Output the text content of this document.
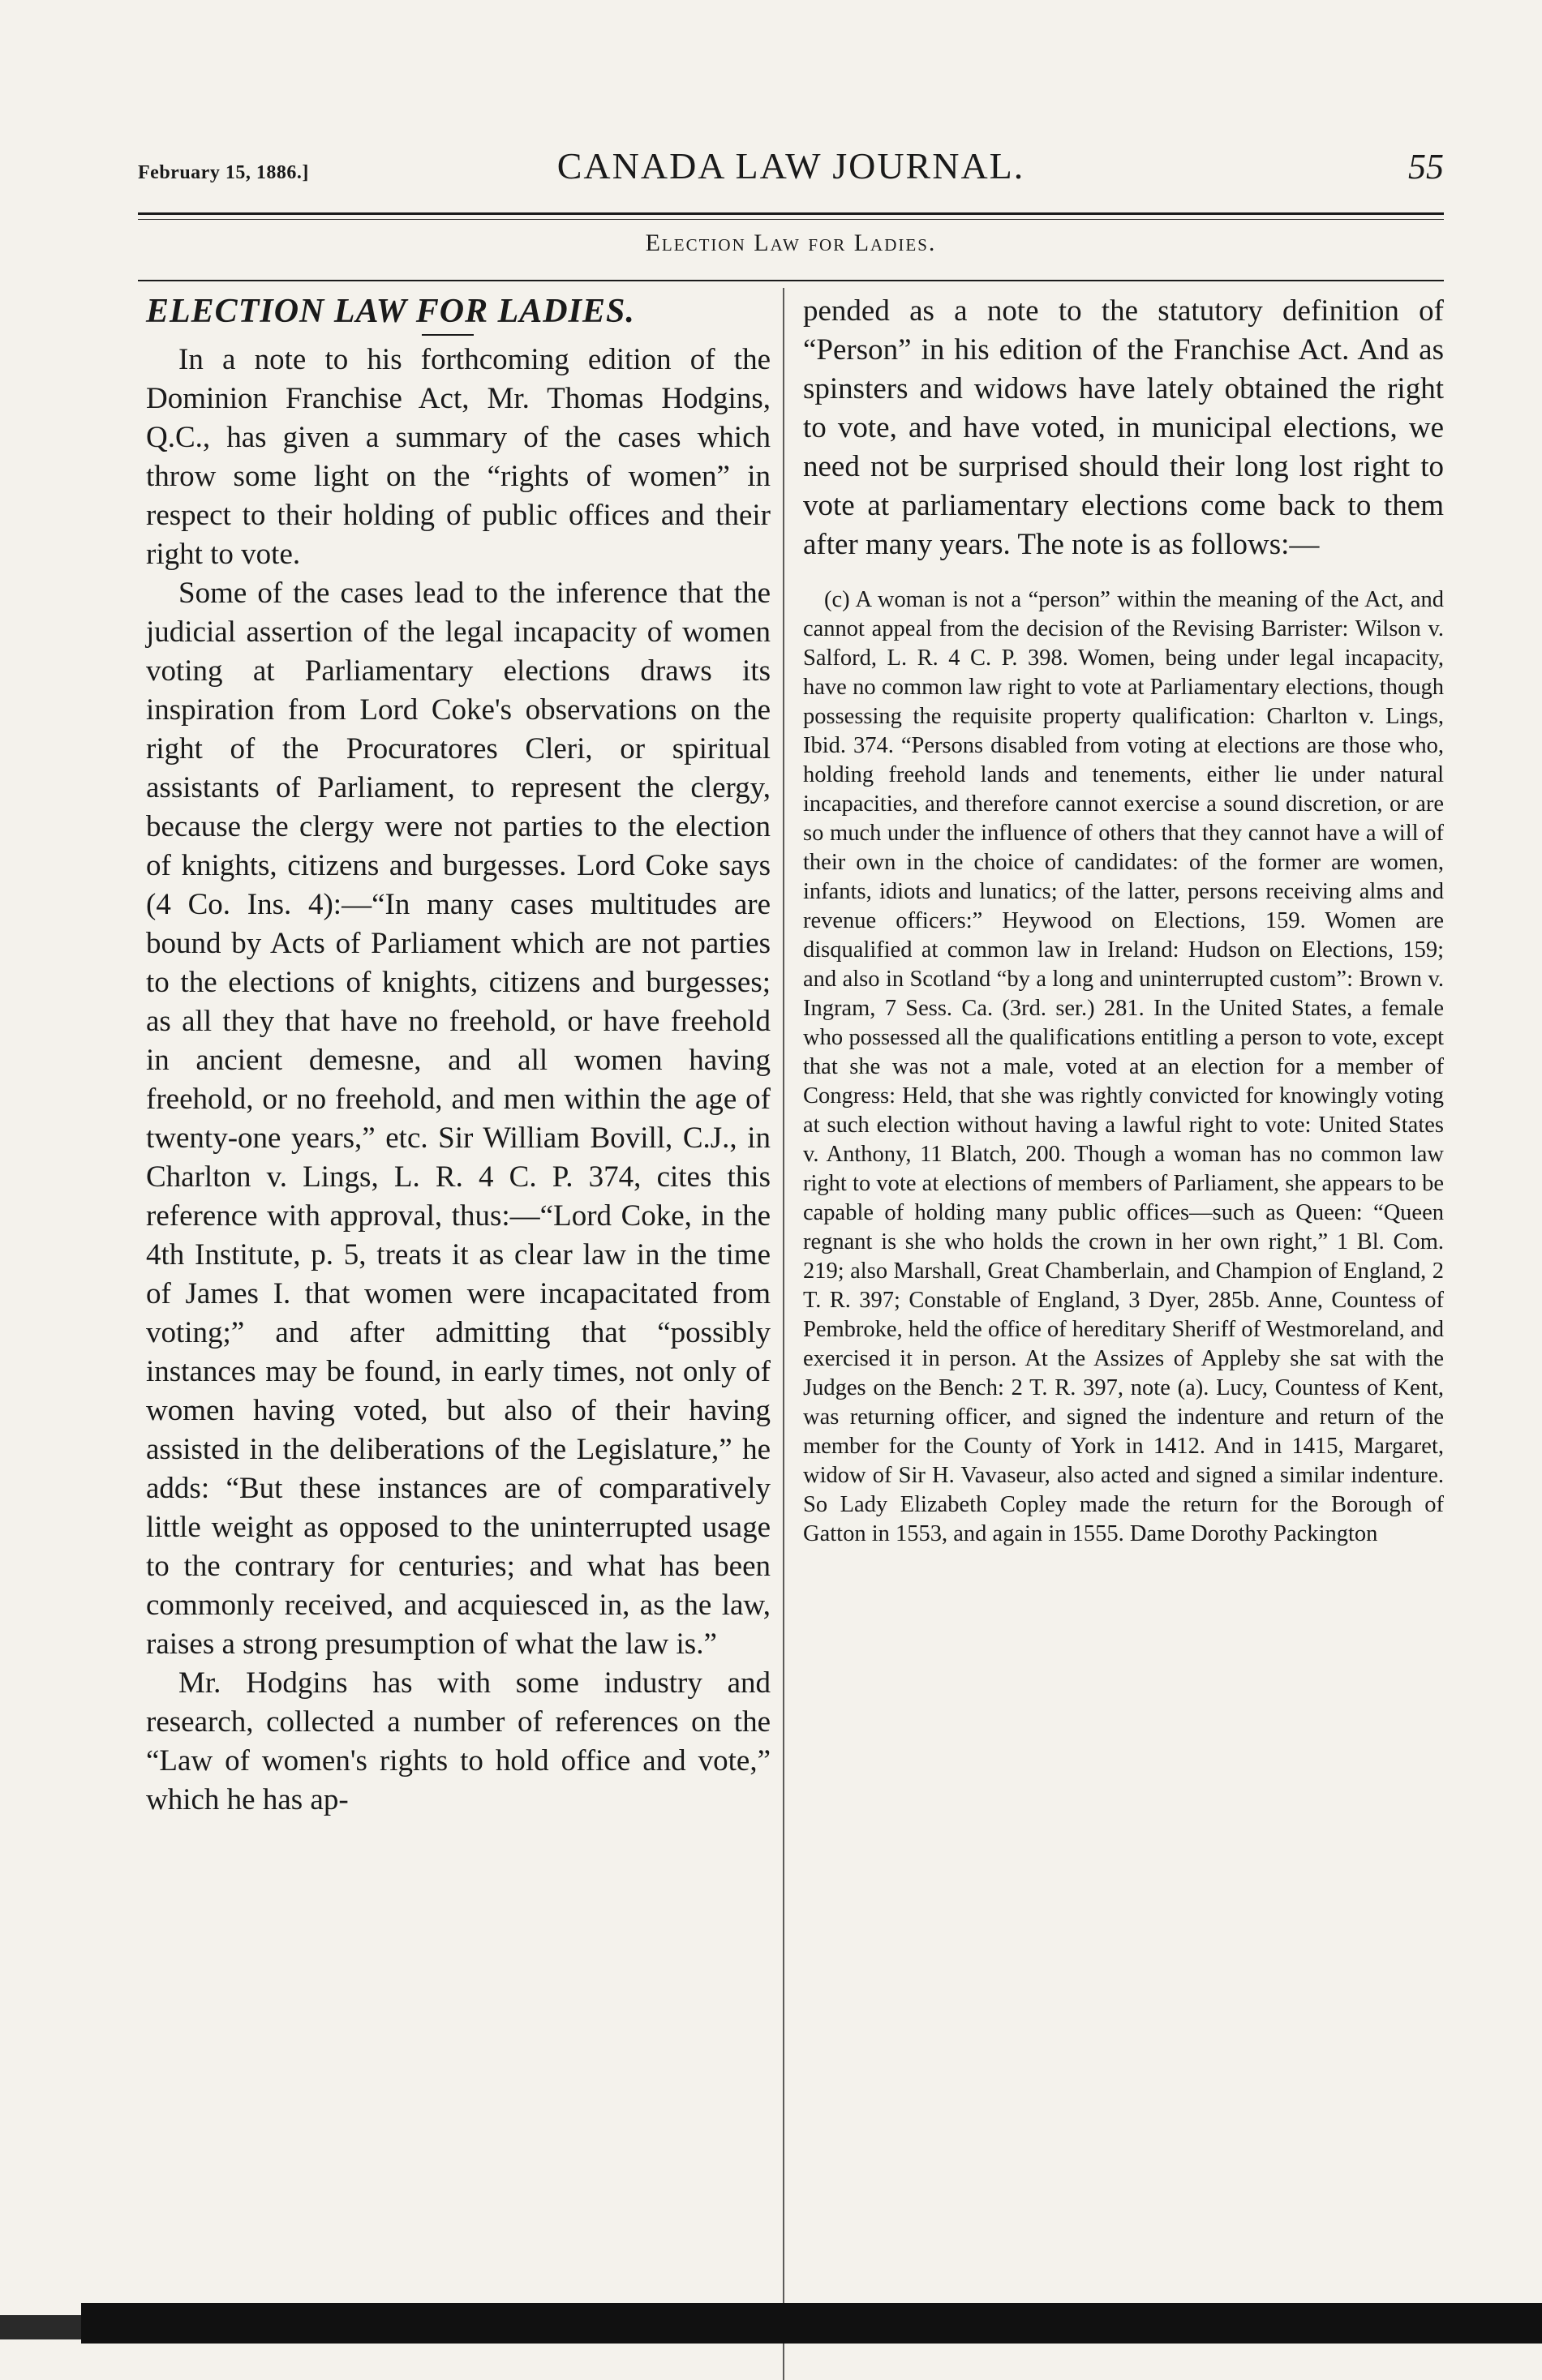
February 15, 1886.]	CANADA LAW JOURNAL.	55
Election Law for Ladies.
ELECTION LAW FOR LADIES.

In a note to his forthcoming edition of the Dominion Franchise Act, Mr. Thomas Hodgins, Q.C., has given a summary of the cases which throw some light on the “rights of women” in respect to their holding of public offices and their right to vote.

Some of the cases lead to the inference that the judicial assertion of the legal incapacity of women voting at Parliamentary elections draws its inspiration from Lord Coke's observations on the right of the Procuratores Cleri, or spiritual assistants of Parliament, to represent the clergy, because the clergy were not parties to the election of knights, citizens and burgesses. Lord Coke says (4 Co. Ins. 4):—“In many cases multitudes are bound by Acts of Parliament which are not parties to the elections of knights, citizens and burgesses; as all they that have no freehold, or have freehold in ancient demesne, and all women having freehold, or no freehold, and men within the age of twenty-one years,” etc. Sir William Bovill, C.J., in Charlton v. Lings, L. R. 4 C. P. 374, cites this reference with approval, thus:—“Lord Coke, in the 4th Institute, p. 5, treats it as clear law in the time of James I. that women were incapacitated from voting;” and after admitting that “possibly instances may be found, in early times, not only of women having voted, but also of their having assisted in the deliberations of the Legislature,” he adds: “But these instances are of comparatively little weight as opposed to the uninterrupted usage to the contrary for centuries; and what has been commonly received, and acquiesced in, as the law, raises a strong presumption of what the law is.”

Mr. Hodgins has with some industry and research, collected a number of references on the “Law of women's rights to hold office and vote,” which he has ap-

pended as a note to the statutory definition of “Person” in his edition of the Franchise Act. And as spinsters and widows have lately obtained the right to vote, and have voted, in municipal elections, we need not be surprised should their long lost right to vote at parliamentary elections come back to them after many years. The note is as follows:—

(c) A woman is not a “person” within the meaning of the Act, and cannot appeal from the decision of the Revising Barrister: Wilson v. Salford, L. R. 4 C. P. 398. Women, being under legal incapacity, have no common law right to vote at Parliamentary elections, though possessing the requisite property qualification: Charlton v. Lings, Ibid. 374. “Persons disabled from voting at elections are those who, holding freehold lands and tenements, either lie under natural incapacities, and therefore cannot exercise a sound discretion, or are so much under the influence of others that they cannot have a will of their own in the choice of candidates: of the former are women, infants, idiots and lunatics; of the latter, persons receiving alms and revenue officers:” Heywood on Elections, 159. Women are disqualified at common law in Ireland: Hudson on Elections, 159; and also in Scotland “by a long and uninterrupted custom”: Brown v. Ingram, 7 Sess. Ca. (3rd. ser.) 281. In the United States, a female who possessed all the qualifications entitling a person to vote, except that she was not a male, voted at an election for a member of Congress: Held, that she was rightly convicted for knowingly voting at such election without having a lawful right to vote: United States v. Anthony, 11 Blatch, 200. Though a woman has no common law right to vote at elections of members of Parliament, she appears to be capable of holding many public offices—such as Queen: “Queen regnant is she who holds the crown in her own right,” 1 Bl. Com. 219; also Marshall, Great Chamberlain, and Champion of England, 2 T. R. 397; Constable of England, 3 Dyer, 285b. Anne, Countess of Pembroke, held the office of hereditary Sheriff of Westmoreland, and exercised it in person. At the Assizes of Appleby she sat with the Judges on the Bench: 2 T. R. 397, note (a). Lucy, Countess of Kent, was returning officer, and signed the indenture and return of the member for the County of York in 1412. And in 1415, Margaret, widow of Sir H. Vavaseur, also acted and signed a similar indenture. So Lady Elizabeth Copley made the return for the Borough of Gatton in 1553, and again in 1555. Dame Dorothy Packington
